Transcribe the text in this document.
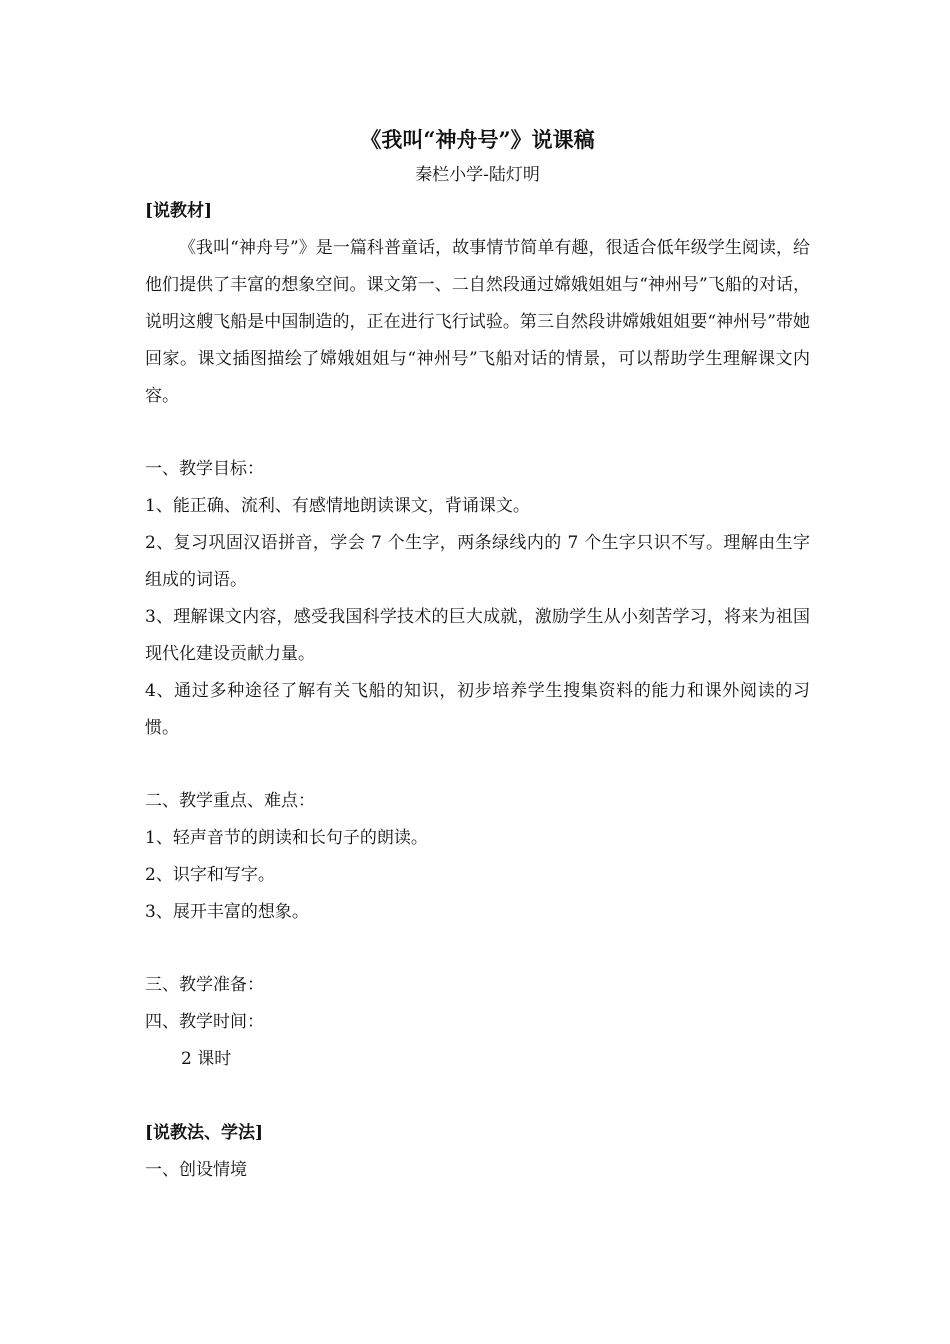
《我叫“神舟号”》说课稿
秦栏小学-陆灯明
[说教材]

《我叫“神舟号”》是一篇科普童话，故事情节简单有趣，很适合低年级学生阅读，给他们提供了丰富的想象空间。课文第一、二自然段通过嫦娥姐姐与“神州号”飞船的对话，说明这艘飞船是中国制造的，正在进行飞行试验。第三自然段讲嫦娥姐姐要“神州号”带她回家。课文插图描绘了嫦娥姐姐与“神州号”飞船对话的情景，可以帮助学生理解课文内容。

一、教学目标：

1、能正确、流利、有感情地朗读课文，背诵课文。

2、复习巩固汉语拼音，学会 7 个生字，两条绿线内的 7 个生字只识不写。理解由生字组成的词语。

3、理解课文内容，感受我国科学技术的巨大成就，激励学生从小刻苦学习，将来为祖国现代化建设贡献力量。

4、通过多种途径了解有关飞船的知识，初步培养学生搜集资料的能力和课外阅读的习惯。

二、教学重点、难点：

1、轻声音节的朗读和长句子的朗读。

2、识字和写字。

3、展开丰富的想象。

三、教学准备：

四、教学时间：

2 课时

[说教法、学法]

一、创设情境
